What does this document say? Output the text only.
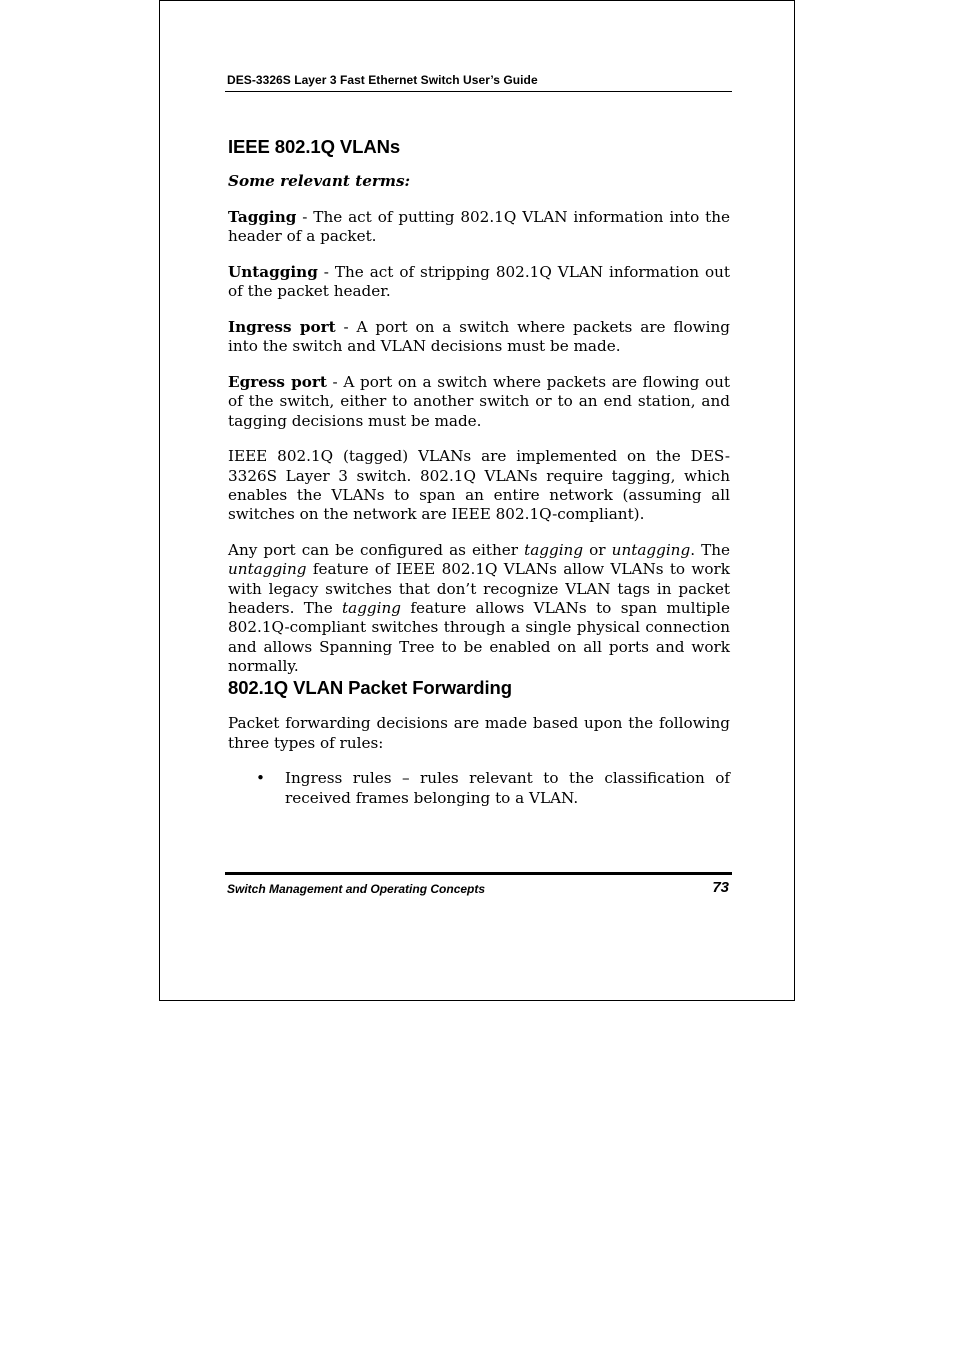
DES-3326S Layer 3 Fast Ethernet Switch User’s Guide
IEEE 802.1Q VLANs

Some relevant terms:

Tagging - The act of putting 802.1Q VLAN information into the header of a packet.

Untagging - The act of stripping 802.1Q VLAN information out of the packet header.

Ingress port - A port on a switch where packets are flowing into the switch and VLAN decisions must be made.

Egress port - A port on a switch where packets are flowing out of the switch, either to another switch or to an end station, and tagging decisions must be made.

IEEE 802.1Q (tagged) VLANs are implemented on the DES-3326S Layer 3 switch. 802.1Q VLANs require tagging, which enables the VLANs to span an entire network (assuming all switches on the network are IEEE 802.1Q-compliant).

Any port can be configured as either tagging or untagging. The untagging feature of IEEE 802.1Q VLANs allow VLANs to work with legacy switches that don’t recognize VLAN tags in packet headers. The tagging feature allows VLANs to span multiple 802.1Q-compliant switches through a single physical connection and allows Spanning Tree to be enabled on all ports and work normally.

802.1Q VLAN Packet Forwarding

Packet forwarding decisions are made based upon the following three types of rules:

• Ingress rules – rules relevant to the classification of received frames belonging to a VLAN.
Switch Management and Operating Concepts	73
